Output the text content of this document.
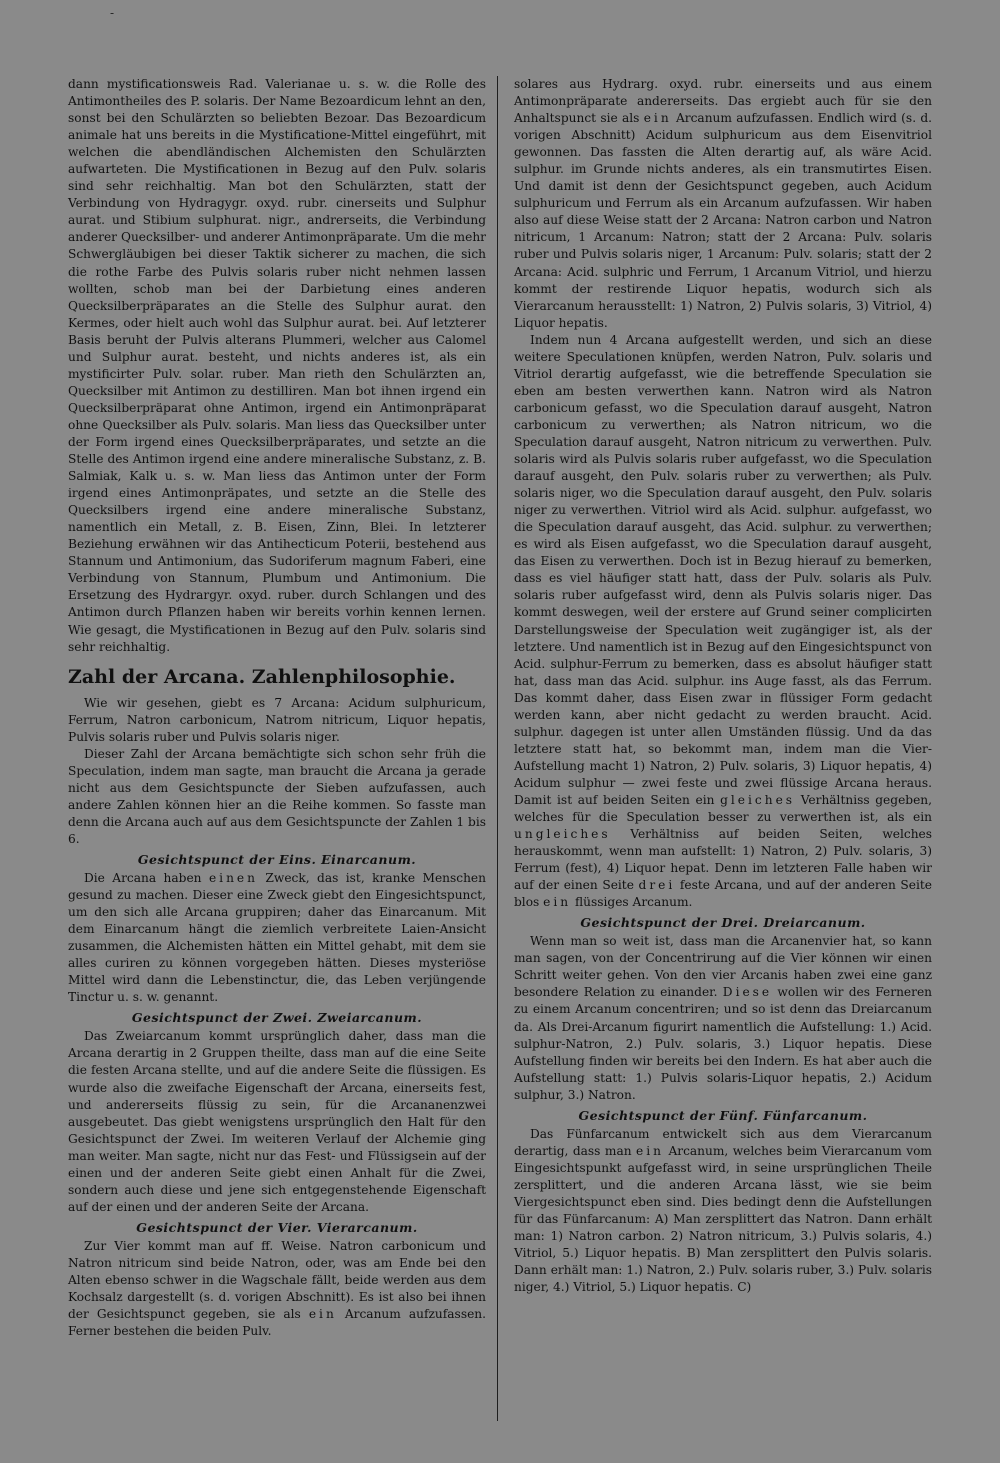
-

dann mystificationsweis Rad. Valerianae u. s. w. die Rolle des Antimontheiles des P. solaris. Der Name Bezoardicum lehnt an den, sonst bei den Schulärzten so beliebten Bezoar. Das Bezoardicum animale hat uns bereits in die Mystificatione-Mittel eingeführt, mit welchen die abendländischen Alchemisten den Schulärzten aufwarteten. Die Mystificationen in Bezug auf den Pulv. solaris sind sehr reichhaltig. Man bot den Schulärzten, statt der Verbindung von Hydragygr. oxyd. rubr. cinerseits und Sulphur aurat. und Stibium sulphurat. nigr., andrerseits, die Verbindung anderer Quecksilber- und anderer Antimonpräparate. Um die mehr Schwergläubigen bei dieser Taktik sicherer zu machen, die sich die rothe Farbe des Pulvis solaris ruber nicht nehmen lassen wollten, schob man bei der Darbietung eines anderen Quecksilberpräparates an die Stelle des Sulphur aurat. den Kermes, oder hielt auch wohl das Sulphur aurat. bei. Auf letzterer Basis beruht der Pulvis alterans Plummeri, welcher aus Calomel und Sulphur aurat. besteht, und nichts anderes ist, als ein mystificirter Pulv. solar. ruber. Man rieth den Schulärzten an, Quecksilber mit Antimon zu destilliren. Man bot ihnen irgend ein Quecksilberpräparat ohne Antimon, irgend ein Antimonpräparat ohne Quecksilber als Pulv. solaris. Man liess das Quecksilber unter der Form irgend eines Quecksilberpräparates, und setzte an die Stelle des Antimon irgend eine andere mineralische Substanz, z. B. Salmiak, Kalk u. s. w. Man liess das Antimon unter der Form irgend eines Antimonpräpates, und setzte an die Stelle des Quecksilbers irgend eine andere mineralische Substanz, namentlich ein Metall, z. B. Eisen, Zinn, Blei. In letzterer Beziehung erwähnen wir das Antihecticum Poterii, bestehend aus Stannum und Antimonium, das Sudoriferum magnum Faberi, eine Verbindung von Stannum, Plumbum und Antimonium. Die Ersetzung des Hydrargyr. oxyd. ruber. durch Schlangen und des Antimon durch Pflanzen haben wir bereits vorhin kennen lernen. Wie gesagt, die Mystificationen in Bezug auf den Pulv. solaris sind sehr reichhaltig.

Zahl der Arcana. Zahlenphilosophie.

Wie wir gesehen, giebt es 7 Arcana: Acidum sulphuricum, Ferrum, Natron carbonicum, Natrom nitricum, Liquor hepatis, Pulvis solaris ruber und Pulvis solaris niger.

Dieser Zahl der Arcana bemächtigte sich schon sehr früh die Speculation, indem man sagte, man braucht die Arcana ja gerade nicht aus dem Gesichtspuncte der Sieben aufzufassen, auch andere Zahlen können hier an die Reihe kommen. So fasste man denn die Arcana auch auf aus dem Gesichtspuncte der Zahlen 1 bis 6.

Gesichtspunct der Eins. Einarcanum.

Die Arcana haben einen Zweck, das ist, kranke Menschen gesund zu machen. Dieser eine Zweck giebt den Eingesichtspunct, um den sich alle Arcana gruppiren; daher das Einarcanum. Mit dem Einarcanum hängt die ziemlich verbreitete Laien-Ansicht zusammen, die Alchemisten hätten ein Mittel gehabt, mit dem sie alles curiren zu können vorgegeben hätten. Dieses mysteriöse Mittel wird dann die Lebenstinctur, die, das Leben verjüngende Tinctur u. s. w. genannt.

Gesichtspunct der Zwei. Zweiarcanum.

Das Zweiarcanum kommt ursprünglich daher, dass man die Arcana derartig in 2 Gruppen theilte, dass man auf die eine Seite die festen Arcana stellte, und auf die andere Seite die flüssigen. Es wurde also die zweifache Eigenschaft der Arcana, einerseits fest, und andererseits flüssig zu sein, für die Arcananenzwei ausgebeutet. Das giebt wenigstens ursprünglich den Halt für den Gesichtspunct der Zwei. Im weiteren Verlauf der Alchemie ging man weiter. Man sagte, nicht nur das Fest- und Flüssigsein auf der einen und der anderen Seite giebt einen Anhalt für die Zwei, sondern auch diese und jene sich entgegenstehende Eigenschaft auf der einen und der anderen Seite der Arcana.

Gesichtspunct der Vier. Vierarcanum.

Zur Vier kommt man auf ff. Weise. Natron carbonicum und Natron nitricum sind beide Natron, oder, was am Ende bei den Alten ebenso schwer in die Wagschale fällt, beide werden aus dem Kochsalz dargestellt (s. d. vorigen Abschnitt). Es ist also bei ihnen der Gesichtspunct gegeben, sie als ein Arcanum aufzufassen. Ferner bestehen die beiden Pulv.

solares aus Hydrarg. oxyd. rubr. einerseits und aus einem Antimonpräparate andererseits. Das ergiebt auch für sie den Anhaltspunct sie als ein Arcanum aufzufassen. Endlich wird (s. d. vorigen Abschnitt) Acidum sulphuricum aus dem Eisenvitriol gewonnen. Das fassten die Alten derartig auf, als wäre Acid. sulphur. im Grunde nichts anderes, als ein transmutirtes Eisen. Und damit ist denn der Gesichtspunct gegeben, auch Acidum sulphuricum und Ferrum als ein Arcanum aufzufassen. Wir haben also auf diese Weise statt der 2 Arcana: Natron carbon und Natron nitricum, 1 Arcanum: Natron; statt der 2 Arcana: Pulv. solaris ruber und Pulvis solaris niger, 1 Arcanum: Pulv. solaris; statt der 2 Arcana: Acid. sulphric und Ferrum, 1 Arcanum Vitriol, und hierzu kommt der restirende Liquor hepatis, wodurch sich als Vierarcanum herausstellt: 1) Natron, 2) Pulvis solaris, 3) Vitriol, 4) Liquor hepatis.

Indem nun 4 Arcana aufgestellt werden, und sich an diese weitere Speculationen knüpfen, werden Natron, Pulv. solaris und Vitriol derartig aufgefasst, wie die betreffende Speculation sie eben am besten verwerthen kann. Natron wird als Natron carbonicum gefasst, wo die Speculation darauf ausgeht, Natron carbonicum zu verwerthen; als Natron nitricum, wo die Speculation darauf ausgeht, Natron nitricum zu verwerthen. Pulv. solaris wird als Pulvis solaris ruber aufgefasst, wo die Speculation darauf ausgeht, den Pulv. solaris ruber zu verwerthen; als Pulv. solaris niger, wo die Speculation darauf ausgeht, den Pulv. solaris niger zu verwerthen. Vitriol wird als Acid. sulphur. aufgefasst, wo die Speculation darauf ausgeht, das Acid. sulphur. zu verwerthen; es wird als Eisen aufgefasst, wo die Speculation darauf ausgeht, das Eisen zu verwerthen. Doch ist in Bezug hierauf zu bemerken, dass es viel häufiger statt hatt, dass der Pulv. solaris als Pulv. solaris ruber aufgefasst wird, denn als Pulvis solaris niger. Das kommt deswegen, weil der erstere auf Grund seiner complicirten Darstellungsweise der Speculation weit zugängiger ist, als der letztere. Und namentlich ist in Bezug auf den Eingesichtspunct von Acid. sulphur-Ferrum zu bemerken, dass es absolut häufiger statt hat, dass man das Acid. sulphur. ins Auge fasst, als das Ferrum. Das kommt daher, dass Eisen zwar in flüssiger Form gedacht werden kann, aber nicht gedacht zu werden braucht. Acid. sulphur. dagegen ist unter allen Umständen flüssig. Und da das letztere statt hat, so bekommt man, indem man die Vier-Aufstellung macht 1) Natron, 2) Pulv. solaris, 3) Liquor hepatis, 4) Acidum sulphur — zwei feste und zwei flüssige Arcana heraus. Damit ist auf beiden Seiten ein gleiches Verhältniss gegeben, welches für die Speculation besser zu verwerthen ist, als ein ungleiches Verhältniss auf beiden Seiten, welches herauskommt, wenn man aufstellt: 1) Natron, 2) Pulv. solaris, 3) Ferrum (fest), 4) Liquor hepat. Denn im letzteren Falle haben wir auf der einen Seite drei feste Arcana, und auf der anderen Seite blos ein flüssiges Arcanum.

Gesichtspunct der Drei. Dreiarcanum.

Wenn man so weit ist, dass man die Arcanenvier hat, so kann man sagen, von der Concentrirung auf die Vier können wir einen Schritt weiter gehen. Von den vier Arcanis haben zwei eine ganz besondere Relation zu einander. Diese wollen wir des Ferneren zu einem Arcanum concentriren; und so ist denn das Dreiarcanum da. Als Drei-Arcanum figurirt namentlich die Aufstellung: 1.) Acid. sulphur-Natron, 2.) Pulv. solaris, 3.) Liquor hepatis. Diese Aufstellung finden wir bereits bei den Indern. Es hat aber auch die Aufstellung statt: 1.) Pulvis solaris-Liquor hepatis, 2.) Acidum sulphur, 3.) Natron.

Gesichtspunct der Fünf. Fünfarcanum.

Das Fünfarcanum entwickelt sich aus dem Vierarcanum derartig, dass man ein Arcanum, welches beim Vierarcanum vom Eingesichtspunkt aufgefasst wird, in seine ursprünglichen Theile zersplittert, und die anderen Arcana lässt, wie sie beim Viergesichtspunct eben sind. Dies bedingt denn die Aufstellungen für das Fünfarcanum: A) Man zersplittert das Natron. Dann erhält man: 1) Natron carbon. 2) Natron nitricum, 3.) Pulvis solaris, 4.) Vitriol, 5.) Liquor hepatis. B) Man zersplittert den Pulvis solaris. Dann erhält man: 1.) Natron, 2.) Pulv. solaris ruber, 3.) Pulv. solaris niger, 4.) Vitriol, 5.) Liquor hepatis. C)
